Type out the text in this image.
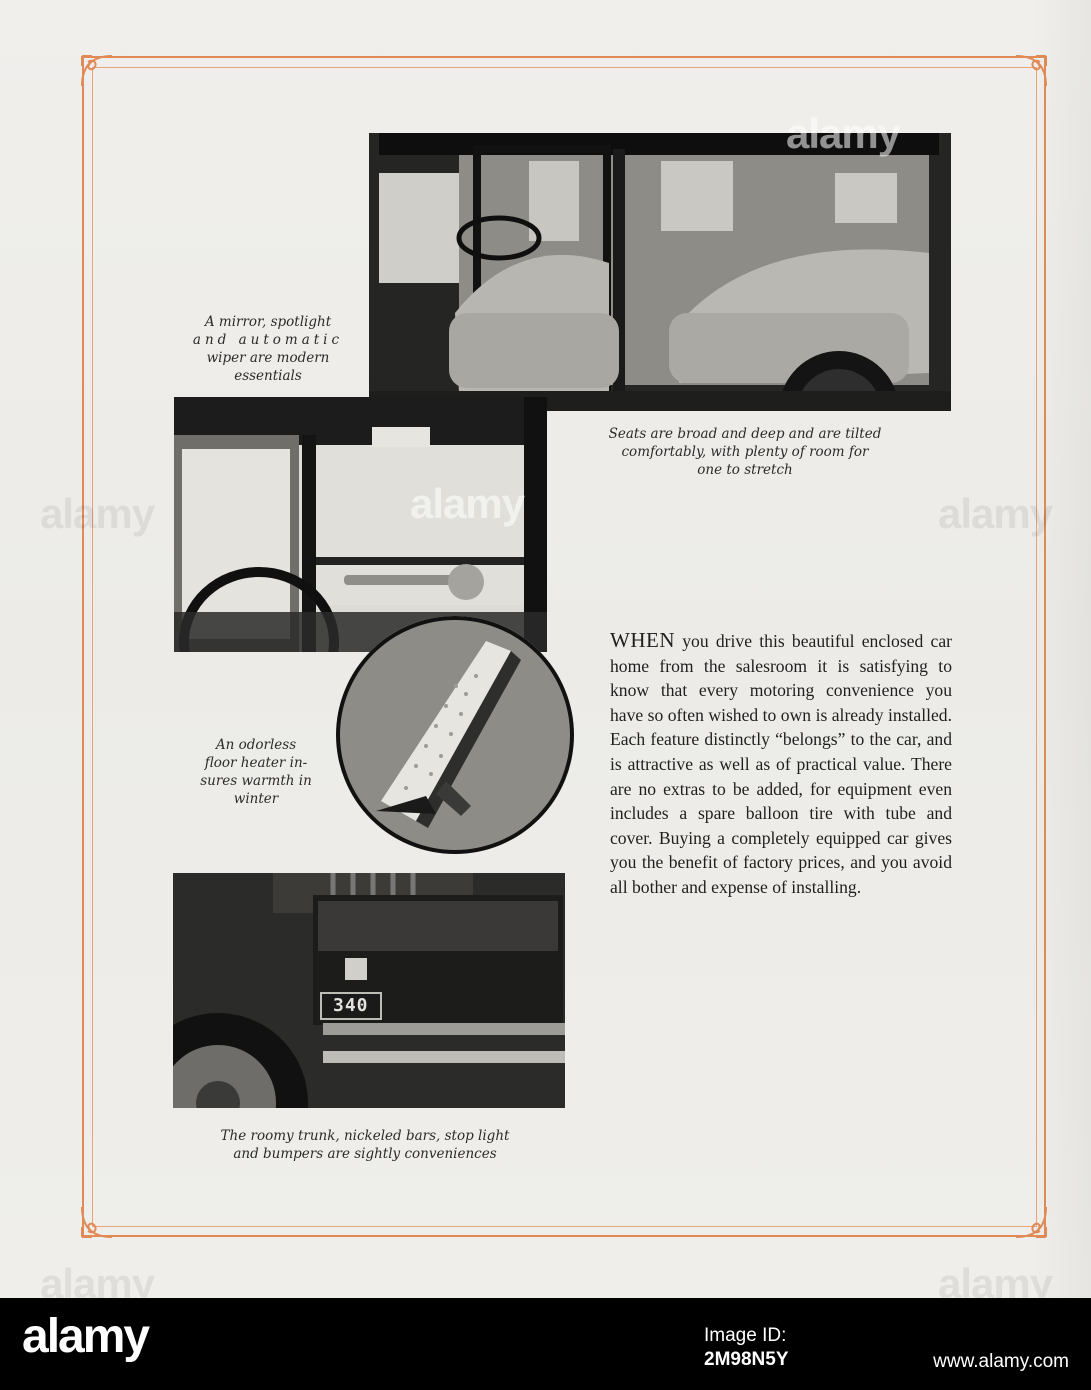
340

A mirror, spotlight
and automatic
wiper are modern
essentials

Seats are broad and deep and are tilted
comfortably, with plenty of room for
one to stretch

An odorless
floor heater in-
sures warmth in
winter

The roomy trunk, nickeled bars, stop light
and bumpers are sightly conveniences

WHEN you drive this beautiful enclosed car home from the salesroom it is satisfying to know that every motoring convenience you have so often wished to own is already installed. Each feature distinctly “belongs” to the car, and is attractive as well as of practical value. There are no extras to be added, for equipment even includes a spare balloon tire with tube and cover. Buying a completely equipped car gives you the benefit of factory prices, and you avoid all bother and expense of installing.

alamy
alamy	alamy	alamy
alamy	alamy
alamy	Image ID:
2M98N5Y	www.alamy.com
